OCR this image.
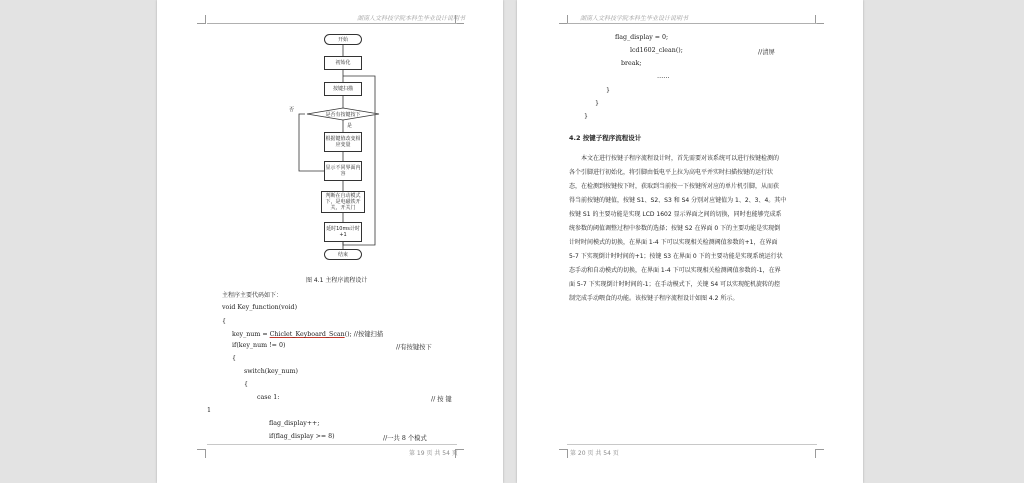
湖南人文科技学院本科生毕业设计说明书
开始
初始化
按键扫描
是否有按键按下
是
否
根据键值改变相应变量
显示不同界面内容
判断在自动模式下，是电磁铁开关，开关门
延时10ms计时+1
结束
图 4.1 主程序流程设计
主程序主要代码如下：
void Key_function(void)
{
key_num = Chiclet_Keyboard_Scan(); //按键扫描
if(key_num != 0)	//有按键按下
{
switch(key_num)
{
case 1:	// 按 键
1
flag_display++;
if(flag_display >= 8)	//一共 8 个模式
第 19 页 共 54 页
湖南人文科技学院本科生毕业设计说明书
flag_display = 0;
lcd1602_clean();	//清屏
break;
……
}
}
}
4.2 按键子程序流程设计
本文在进行按键子程序流程设计时，首先需要对该系统可以进行按键检测的
各个引脚进行初始化，将引脚由低电平上拉为高电平并实时扫描按键的运行状
态，在检测到按键按下时，获取到当前按一下按键所对应的单片机引脚，从而获
得当前按键的键值，按键 S1、S2、S3 和 S4 分别对应键值为 1、2、3、4。其中
按键 S1 的主要功能是实现 LCD 1602 显示界面之间的切换，同时也能够完成系
统参数的阈值调整过程中参数的选择；按键 S2 在界面 0 下的主要功能是实现倒
计时时间模式的切换，在界面 1-4 下可以实现相关检测阈值参数的+1，在界面
5-7 下实现倒计时时间的+1；按键 S3 在界面 0 下的主要功能是实现系统运行状
态手动和自动模式的切换，在界面 1-4 下可以实现相关检测阈值参数的-1，在界
面 5-7 下实现倒计时时间的-1；在手动模式下，关键 S4 可以实现舵机旋转的控
制完成手动喂食的功能。该按键子程序流程设计如图 4.2 所示。
第 20 页 共 54 页
